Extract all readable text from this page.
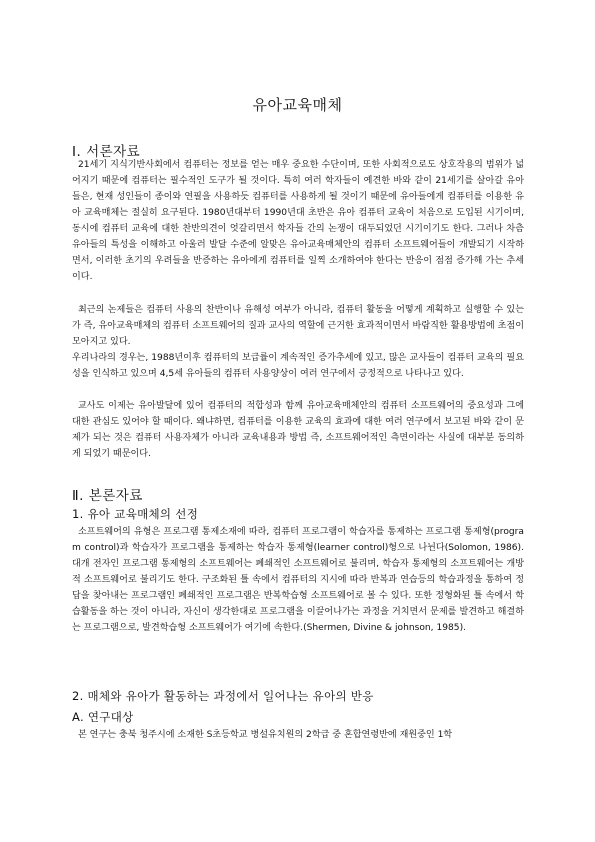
유아교육매체
Ⅰ. 서론자료

21세기 지식기반사회에서 컴퓨터는 정보를 얻는 매우 중요한 수단이며, 또한 사회적으로도 상호작용의 범위가 넓어지기 때문에 컴퓨터는 필수적인 도구가 될 것이다. 특히 여러 학자들이 예견한 바와 같이 21세기를 살아갈 유아들은, 현재 성인들이 종이와 연필을 사용하듯 컴퓨터를 사용하게 될 것이기 때문에 유아들에게 컴퓨터를 이용한 유아 교육매체는 절실히 요구된다. 1980년대부터 1990년대 초반은 유아 컴퓨터 교육이 처음으로 도입된 시기이며, 동시에 컴퓨터 교육에 대한 찬반의견이 엇갈리면서 학자들 간의 논쟁이 대두되었던 시기이기도 한다. 그러나 차츰 유아들의 특성을 이해하고 아울러 발달 수준에 알맞은 유아교육매체안의 컴퓨터 소프트웨어들이 개발되기 시작하면서, 이러한 초기의 우려들을 반증하는 유아에게 컴퓨터를 일찍 소개하여야 한다는 반응이 점점 증가해 가는 추세이다.

최근의 논제들은 컴퓨터 사용의 찬반이나 유해성 여부가 아니라, 컴퓨터 활동을 어떻게 계획하고 실행할 수 있는가 즉, 유아교육매체의 컴퓨터 소프트웨어의 질과 교사의 역할에 근거한 효과적이면서 바람직한 활용방법에 초점이 모아지고 있다.

우리나라의 경우는, 1988년이후 컴퓨터의 보급률이 계속적인 증가추세에 있고, 많은 교사들이 컴퓨터 교육의 필요성을 인식하고 있으며 4,5세 유아들의 컴퓨터 사용양상이 여러 연구에서 긍정적으로 나타나고 있다.

교사도 이제는 유아발달에 있어 컴퓨터의 적합성과 함께 유아교육매체안의 컴퓨터 소프트웨어의 중요성과 그에 대한 관심도 있어야 할 때이다. 왜냐하면, 컴퓨터를 이용한 교육의 효과에 대한 여러 연구에서 보고된 바와 같이 문제가 되는 것은 컴퓨터 사용자체가 아니라 교육내용과 방법 즉, 소프트웨어적인 측면이라는 사실에 대부분 동의하게 되었기 때문이다.

Ⅱ. 본론자료
1. 유아 교육매체의 선정

소프트웨어의 유형은 프로그램 통제소재에 따라, 컴퓨터 프로그램이 학습자를 통제하는 프로그램 통제형(program control)과 학습자가 프로그램을 통제하는 학습자 통제형(learner control)형으로 나뉜다(Solomon, 1986). 대개 전자인 프로그램 통제형의 소프트웨어는 폐쇄적인 소프트웨어로 불리며, 학습자 통제형의 소프트웨어는 개방적 소프트웨어로 불리기도 한다. 구조화된 틀 속에서 컴퓨터의 지시에 따라 반복과 연습등의 학습과정을 통하여 정답을 찾아내는 프로그램인 폐쇄적인 프로그램은 반복학습형 소프트웨어로 볼 수 있다. 또한 정형화된 틀 속에서 학습활동을 하는 것이 아니라, 자신이 생각한대로 프로그램을 이끌어나가는 과정을 거치면서 문제를 발견하고 해결하는 프로그램으로, 발견학습형 소프트웨어가 여기에 속한다.(Shermen, Divine & johnson, 1985).

2. 매체와 유아가 활동하는 과정에서 일어나는 유아의 반응
A. 연구대상

본 연구는 충북 청주시에 소재한 S초등학교 병설유치원의 2학급 중 혼합연령반에 재원중인 1학
